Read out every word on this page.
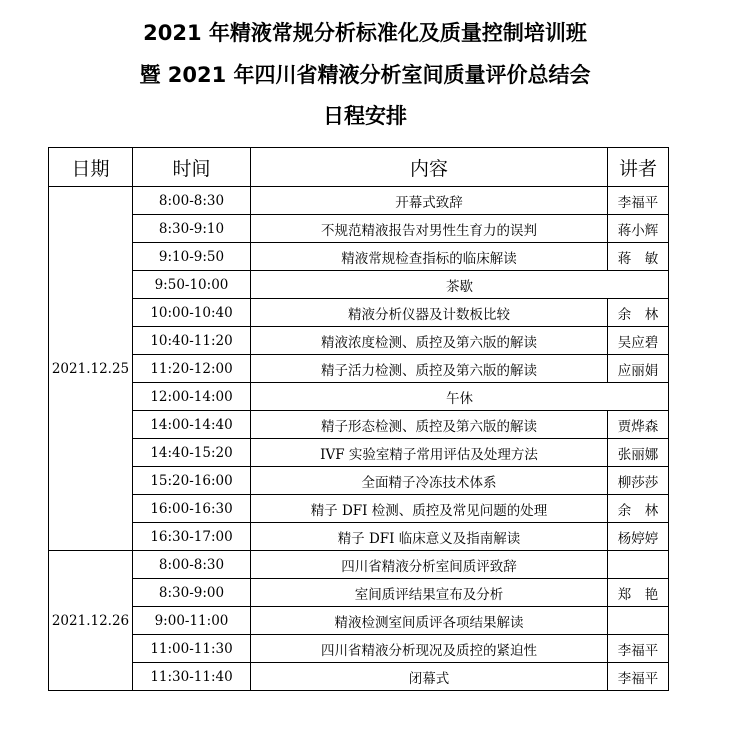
2021 年精液常规分析标准化及质量控制培训班
暨 2021 年四川省精液分析室间质量评价总结会
日程安排
日期	时间	内容	讲者
2021.12.25	8:00-8:30	开幕式致辞	李福平
	8:30-9:10	不规范精液报告对男性生育力的误判	蒋小辉
	9:10-9:50	精液常规检查指标的临床解读	蒋　敏
	9:50-10:00	茶歇	
	10:00-10:40	精液分析仪器及计数板比较	余　林
	10:40-11:20	精液浓度检测、质控及第六版的解读	吴应碧
	11:20-12:00	精子活力检测、质控及第六版的解读	应丽娟
	12:00-14:00	午休	
	14:00-14:40	精子形态检测、质控及第六版的解读	贾烨森
	14:40-15:20	IVF 实验室精子常用评估及处理方法	张丽娜
	15:20-16:00	全面精子冷冻技术体系	柳莎莎
	16:00-16:30	精子 DFI 检测、质控及常见问题的处理	余　林
	16:30-17:00	精子 DFI 临床意义及指南解读	杨婷婷
2021.12.26	8:00-8:30	四川省精液分析室间质评致辞	
	8:30-9:00	室间质评结果宣布及分析	郑　艳
	9:00-11:00	精液检测室间质评各项结果解读	
	11:00-11:30	四川省精液分析现况及质控的紧迫性	李福平
	11:30-11:40	闭幕式	李福平
